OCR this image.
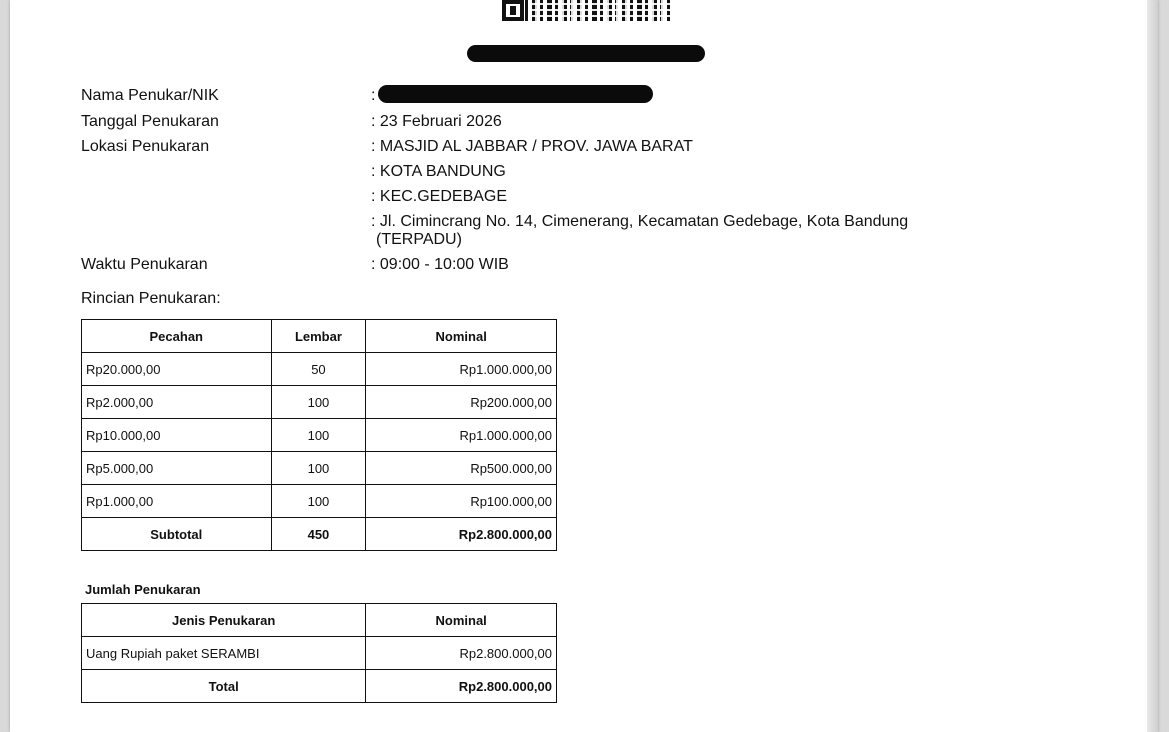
Nama Penukar/NIK	:
Tanggal Penukaran	: 23 Februari 2026
Lokasi Penukaran	: MASJID AL JABBAR / PROV. JAWA BARAT
: KOTA BANDUNG
: KEC.GEDEBAGE
: Jl. Cimincrang No. 14, Cimenerang, Kecamatan Gedebage, Kota Bandung
(TERPADU)
Waktu Penukaran	: 09:00 - 10:00 WIB
Rincian Penukaran:
Pecahan	Lembar	Nominal
Rp20.000,00	50	Rp1.000.000,00
Rp2.000,00	100	Rp200.000,00
Rp10.000,00	100	Rp1.000.000,00
Rp5.000,00	100	Rp500.000,00
Rp1.000,00	100	Rp100.000,00
Subtotal	450	Rp2.800.000,00
Jumlah Penukaran
Jenis Penukaran	Nominal
Uang Rupiah paket SERAMBI	Rp2.800.000,00
Total	Rp2.800.000,00
